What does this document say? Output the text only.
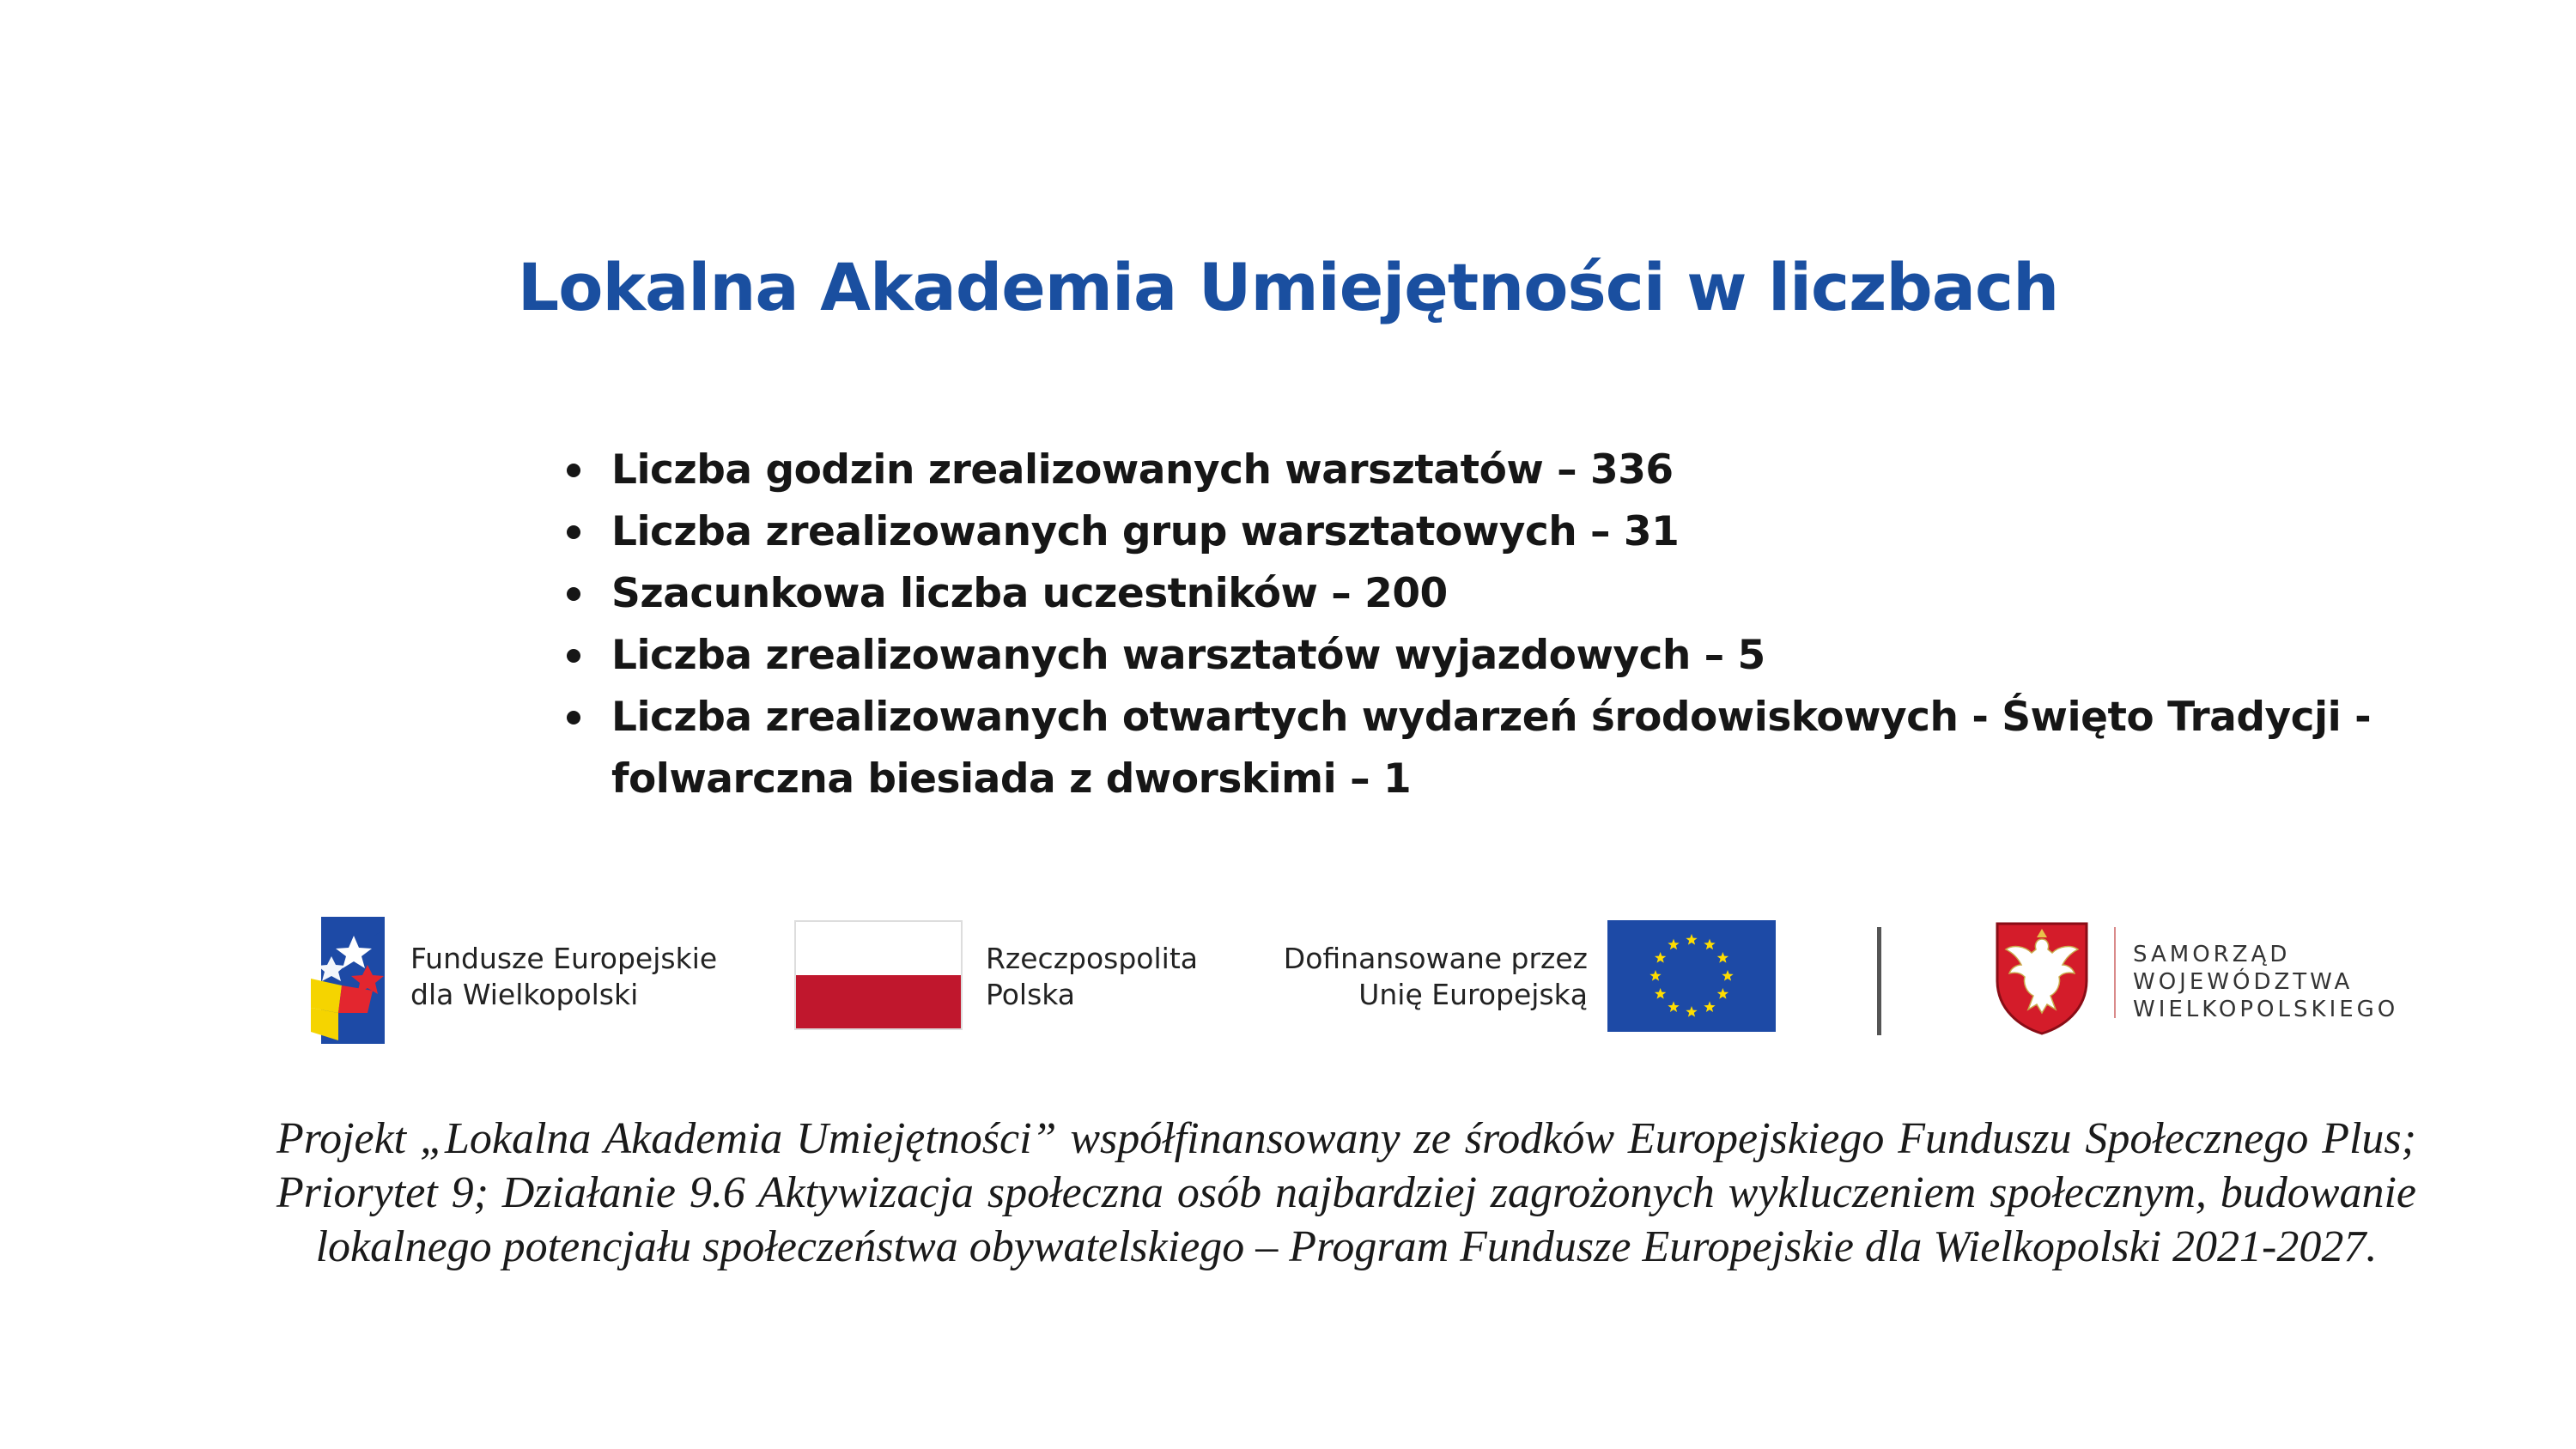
Lokalna Akademia Umiejętności w liczbach
Liczba godzin zrealizowanych warsztatów – 336
Liczba zrealizowanych grup warsztatowych – 31
Szacunkowa liczba uczestników – 200
Liczba zrealizowanych warsztatów wyjazdowych – 5
Liczba zrealizowanych otwartych wydarzeń środowiskowych - Święto Tradycji -
folwarczna biesiada z dworskimi – 1
Fundusze Europejskie
dla Wielkopolski
Rzeczpospolita
Polska
Dofinansowane przez
Unię Europejską
SAMORZĄD
WOJEWÓDZTWA
WIELKOPOLSKIEGO
Projekt „Lokalna Akademia Umiejętności” współfinansowany ze środków Europejskiego Funduszu Społecznego Plus; Priorytet 9; Działanie 9.6 Aktywizacja społeczna osób najbardziej zagrożonych wykluczeniem społecznym, budowanie lokalnego potencjału społeczeństwa obywatelskiego – Program Fundusze Europejskie dla Wielkopolski 2021-2027.
